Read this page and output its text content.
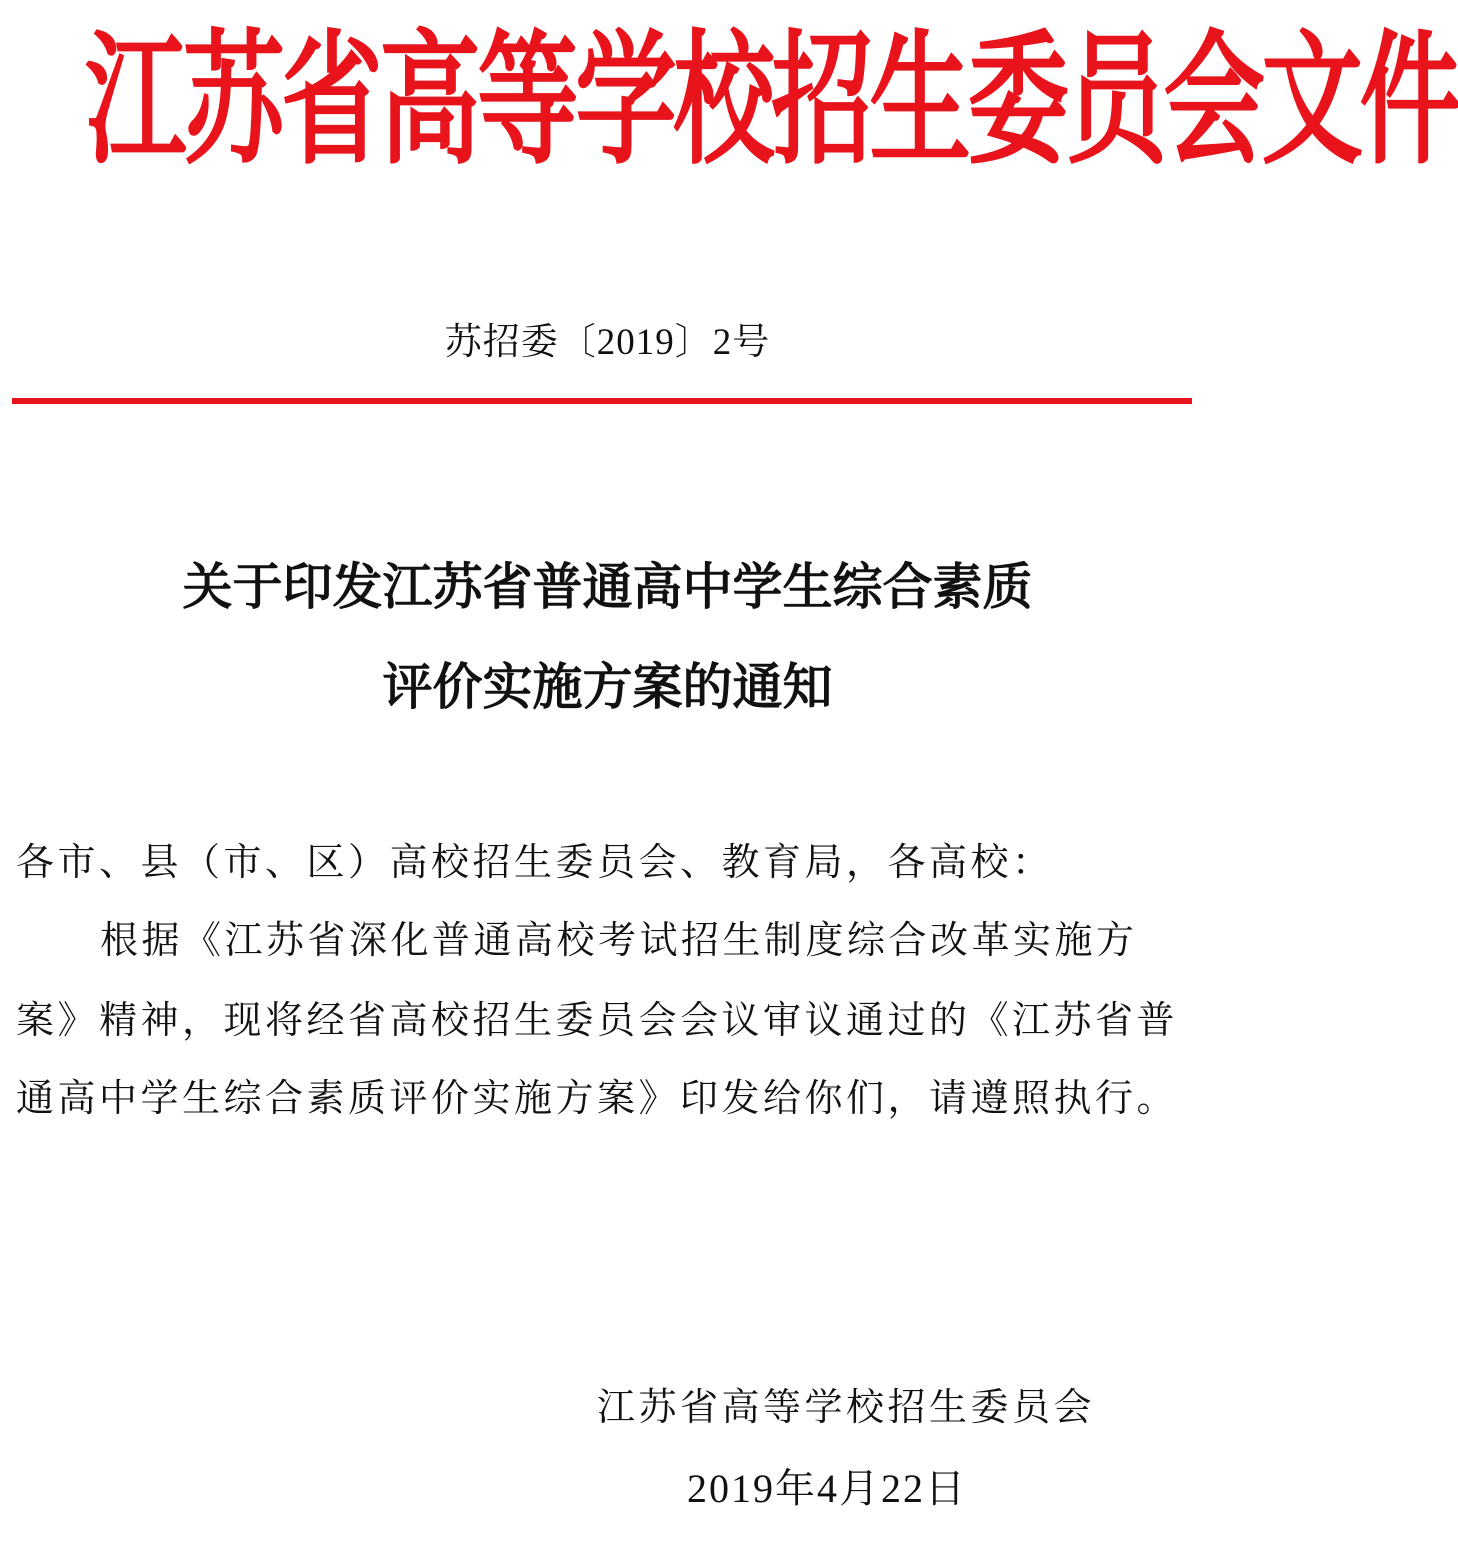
江苏省高等学校招生委员会文件
苏招委〔2019〕2号
关于印发江苏省普通高中学生综合素质
评价实施方案的通知
各市、县（市、区）高校招生委员会、教育局，各高校：
根据《江苏省深化普通高校考试招生制度综合改革实施方
案》精神，现将经省高校招生委员会会议审议通过的《江苏省普
通高中学生综合素质评价实施方案》印发给你们，请遵照执行。
江苏省高等学校招生委员会
2019年4月22日
